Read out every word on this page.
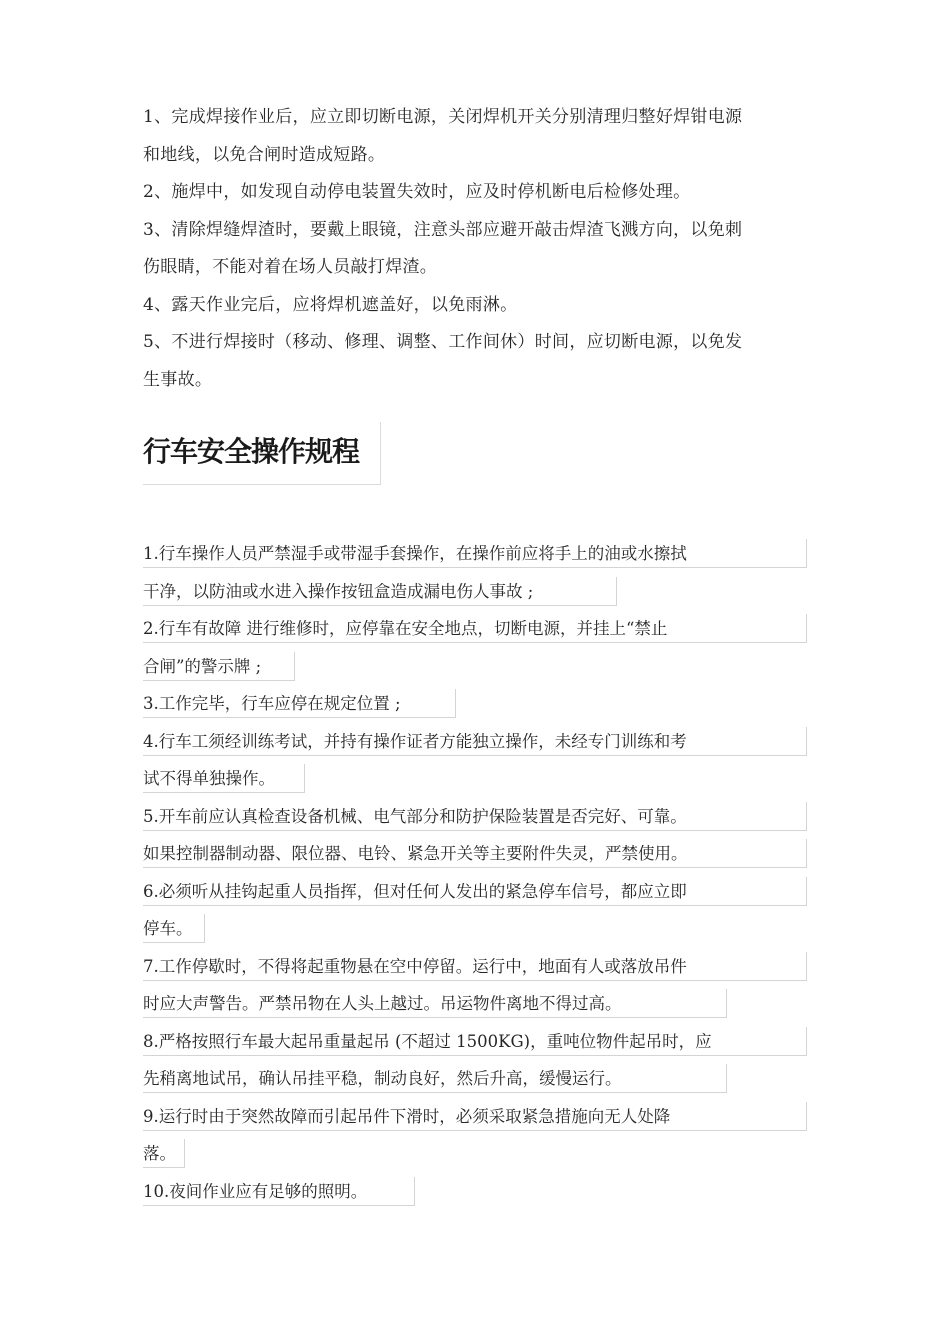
1、完成焊接作业后，应立即切断电源，关闭焊机开关分别清理归整好焊钳电源
和地线，以免合闸时造成短路。
2、施焊中，如发现自动停电装置失效时，应及时停机断电后检修处理。
3、清除焊缝焊渣时，要戴上眼镜，注意头部应避开敲击焊渣飞溅方向，以免刺
伤眼睛，不能对着在场人员敲打焊渣。
4、露天作业完后，应将焊机遮盖好，以免雨淋。
5、不进行焊接时（移动、修理、调整、工作间休）时间，应切断电源，以免发
生事故。
行车安全操作规程
1.行车操作人员严禁湿手或带湿手套操作，在操作前应将手上的油或水擦拭
干净，以防油或水进入操作按钮盒造成漏电伤人事故 ;
2.行车有故障 进行维修时，应停靠在安全地点，切断电源，并挂上“禁止
合闸”的警示牌 ;
3.工作完毕，行车应停在规定位置 ;
4.行车工须经训练考试，并持有操作证者方能独立操作，未经专门训练和考
试不得单独操作。
5.开车前应认真检查设备机械、电气部分和防护保险装置是否完好、可靠。
如果控制器制动器、限位器、电铃、紧急开关等主要附件失灵，严禁使用。
6.必须听从挂钩起重人员指挥，但对任何人发出的紧急停车信号，都应立即
停车。
7.工作停歇时，不得将起重物悬在空中停留。运行中，地面有人或落放吊件
时应大声警告。严禁吊物在人头上越过。吊运物件离地不得过高。
8.严格按照行车最大起吊重量起吊 (不超过 1500KG)，重吨位物件起吊时，应
先稍离地试吊，确认吊挂平稳，制动良好，然后升高，缓慢运行。
9.运行时由于突然故障而引起吊件下滑时，必须采取紧急措施向无人处降
落。
10.夜间作业应有足够的照明。
